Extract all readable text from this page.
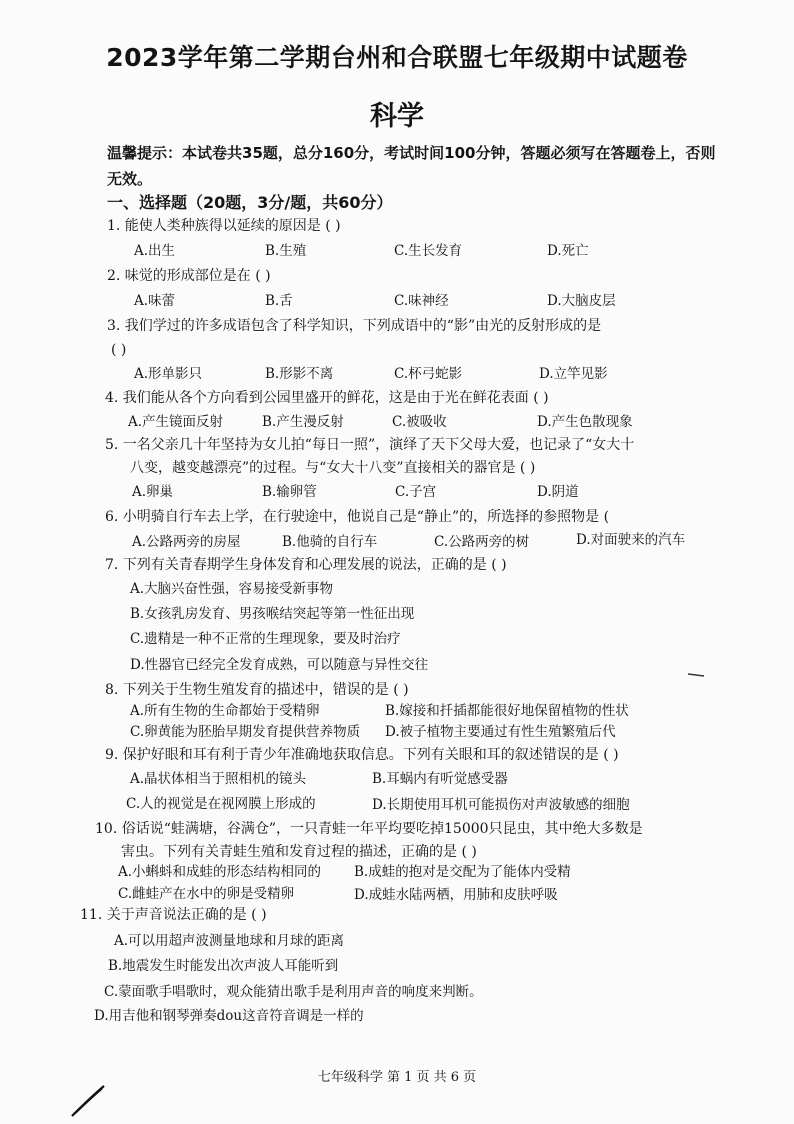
2023学年第二学期台州和合联盟七年级期中试题卷
科学
温馨提示：本试卷共35题，总分160分，考试时间100分钟，答题必须写在答题卷上，否则无效。
一、选择题（20题，3分/题，共60分）
1. 能使人类种族得以延续的原因是 ( )
A.出生	B.生殖	C.生长发育	D.死亡
2. 味觉的形成部位是在 ( )
A.味蕾	B.舌	C.味神经	D.大脑皮层
3. 我们学过的许多成语包含了科学知识，下列成语中的“影”由光的反射形成的是
( )
A.形单影只	B.形影不离	C.杯弓蛇影	D.立竿见影
4. 我们能从各个方向看到公园里盛开的鲜花，这是由于光在鲜花表面 ( )
A.产生镜面反射	B.产生漫反射	C.被吸收	D.产生色散现象
5. 一名父亲几十年坚持为女儿拍“每日一照”，演绎了天下父母大爱，也记录了“女大十
八变，越变越漂亮”的过程。与“女大十八变”直接相关的器官是 ( )
A.卵巢	B.输卵管	C.子宫	D.阴道
6. 小明骑自行车去上学，在行驶途中，他说自己是“静止”的，所选择的参照物是 (
A.公路两旁的房屋	B.他骑的自行车	C.公路两旁的树	D.对面驶来的汽车
7. 下列有关青春期学生身体发育和心理发展的说法，正确的是 ( )
A.大脑兴奋性强，容易接受新事物
B.女孩乳房发育、男孩喉结突起等第一性征出现
C.遗精是一种不正常的生理现象，要及时治疗
D.性器官已经完全发育成熟，可以随意与异性交往
8. 下列关于生物生殖发育的描述中，错误的是 ( )
A.所有生物的生命都始于受精卵	B.嫁接和扦插都能很好地保留植物的性状
C.卵黄能为胚胎早期发育提供营养物质 D.被子植物主要通过有性生殖繁殖后代
9. 保护好眼和耳有利于青少年准确地获取信息。下列有关眼和耳的叙述错误的是 ( )
A.晶状体相当于照相机的镜头	B.耳蜗内有听觉感受器
C.人的视觉是在视网膜上形成的	D.长期使用耳机可能损伤对声波敏感的细胞
10. 俗话说“蛙满塘，谷满仓”，一只青蛙一年平均要吃掉15000只昆虫，其中绝大多数是
害虫。下列有关青蛙生殖和发育过程的描述，正确的是 ( )
A.小蝌蚪和成蛙的形态结构相同的 B.成蛙的抱对是交配为了能体内受精
C.雌蛙产在水中的卵是受精卵	D.成蛙水陆两栖，用肺和皮肤呼吸
11. 关于声音说法正确的是 ( )
A.可以用超声波测量地球和月球的距离
B.地震发生时能发出次声波人耳能听到
C.蒙面歌手唱歌时，观众能猜出歌手是利用声音的响度来判断。
D.用吉他和钢琴弹奏dou这音符音调是一样的
七年级科学 第 1 页 共 6 页
